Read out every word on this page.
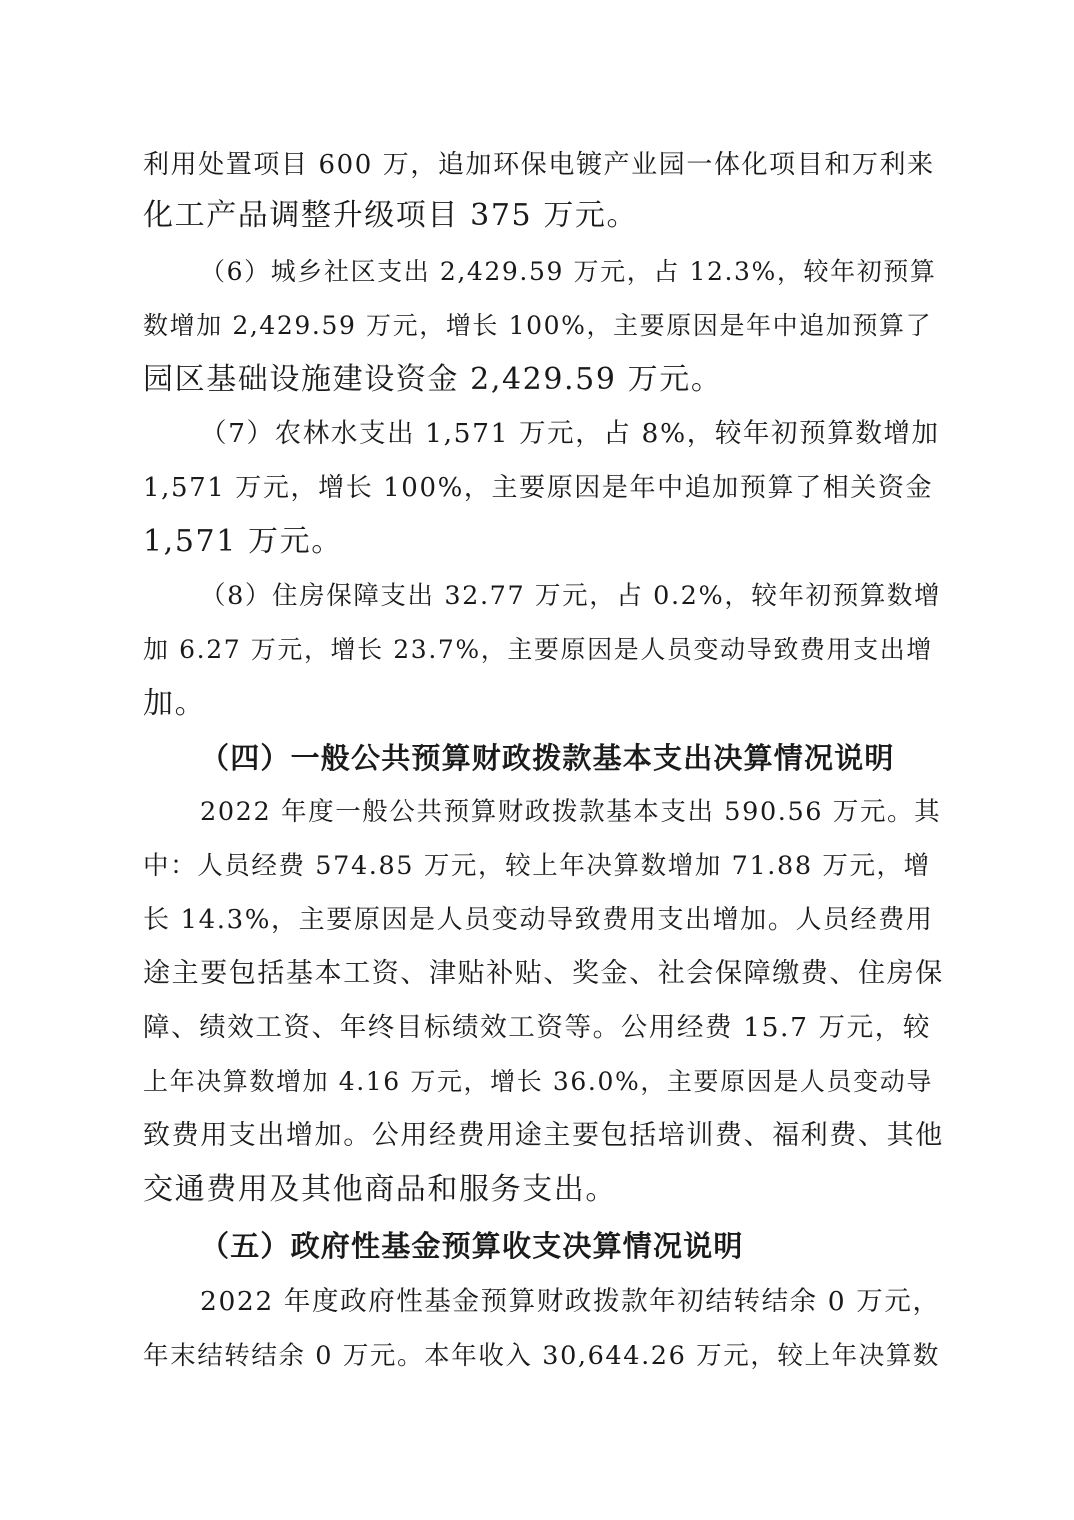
利用处置项目 600 万，追加环保电镀产业园一体化项目和万利来
化工产品调整升级项目 375 万元。
（6）城乡社区支出 2,429.59 万元，占 12.3%，较年初预算
数增加 2,429.59 万元，增长 100%，主要原因是年中追加预算了
园区基础设施建设资金 2,429.59 万元。
（7）农林水支出 1,571 万元，占 8%，较年初预算数增加
1,571 万元，增长 100%，主要原因是年中追加预算了相关资金
1,571 万元。
（8）住房保障支出 32.77 万元，占 0.2%，较年初预算数增
加 6.27 万元，增长 23.7%，主要原因是人员变动导致费用支出增
加。
（四）一般公共预算财政拨款基本支出决算情况说明
2022 年度一般公共预算财政拨款基本支出 590.56 万元。其
中：人员经费 574.85 万元，较上年决算数增加 71.88 万元，增
长 14.3%，主要原因是人员变动导致费用支出增加。人员经费用
途主要包括基本工资、津贴补贴、奖金、社会保障缴费、住房保
障、绩效工资、年终目标绩效工资等。公用经费 15.7 万元，较
上年决算数增加 4.16 万元，增长 36.0%，主要原因是人员变动导
致费用支出增加。公用经费用途主要包括培训费、福利费、其他
交通费用及其他商品和服务支出。
（五）政府性基金预算收支决算情况说明
2022 年度政府性基金预算财政拨款年初结转结余 0 万元，
年末结转结余 0 万元。本年收入 30,644.26 万元，较上年决算数
